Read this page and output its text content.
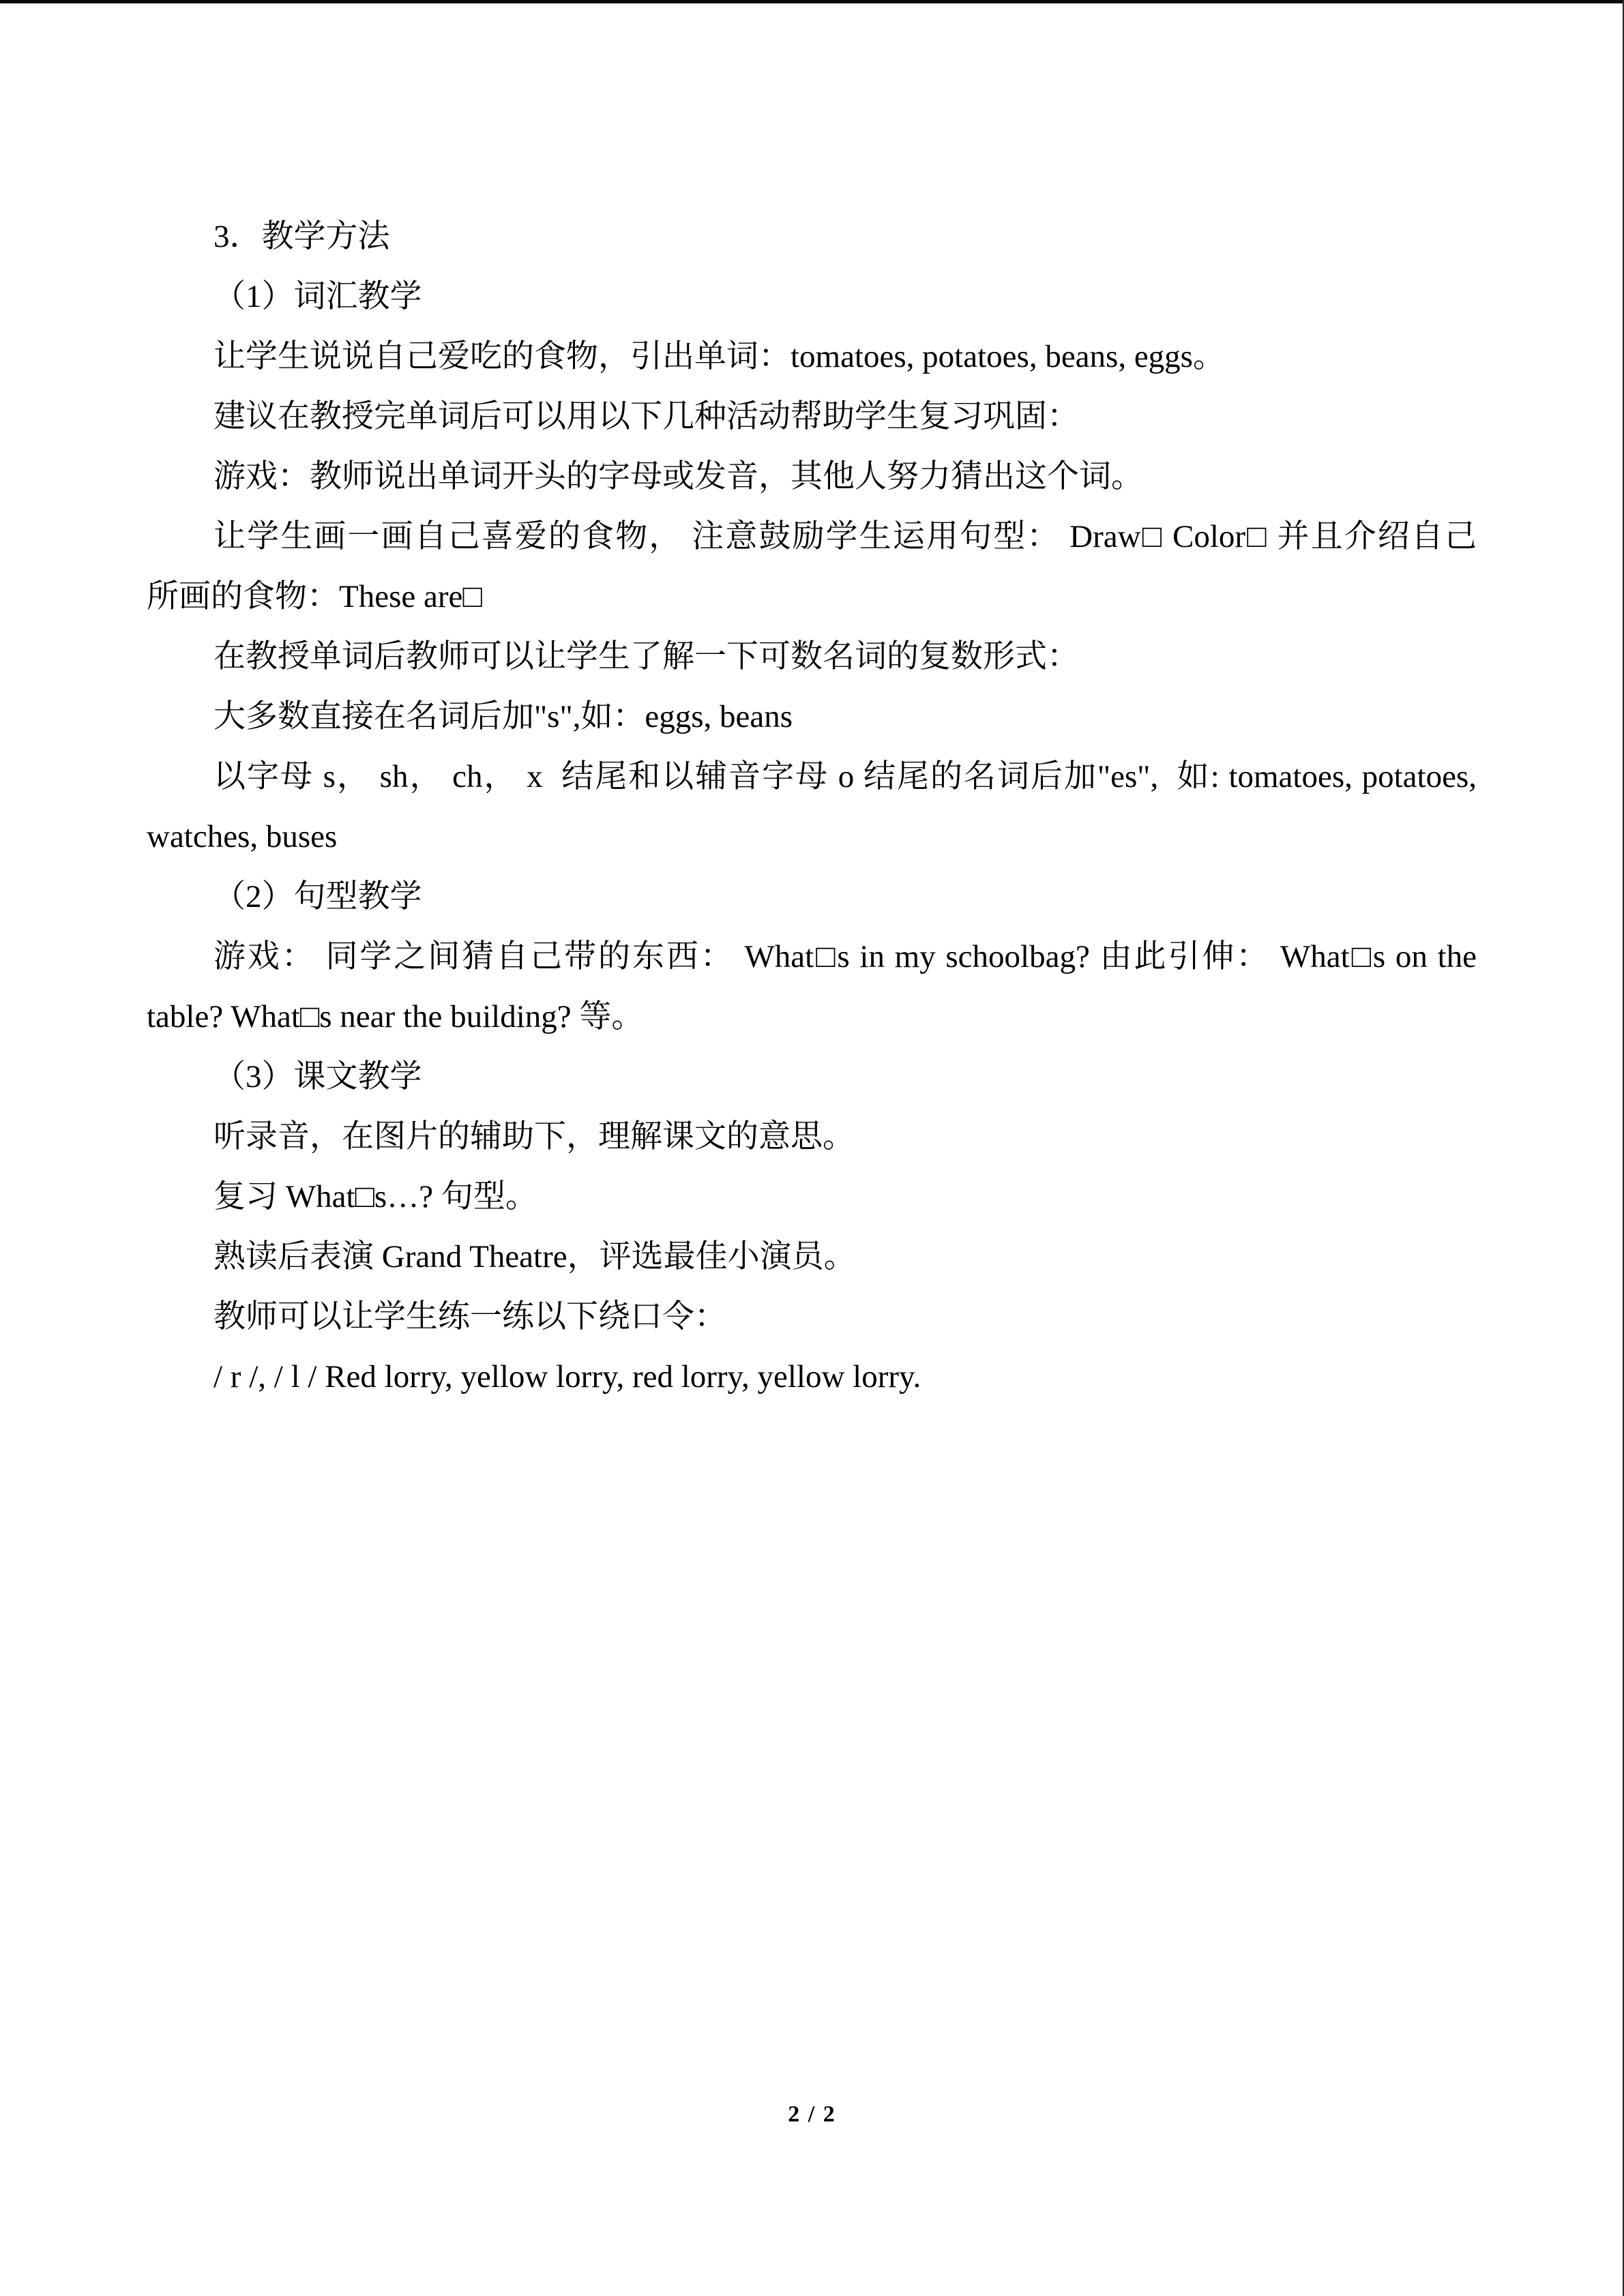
3．教学方法
（1）词汇教学
让学生说说自己爱吃的食物，引出单词：tomatoes, potatoes, beans, eggs。
建议在教授完单词后可以用以下几种活动帮助学生复习巩固：
游戏：教师说出单词开头的字母或发音，其他人努力猜出这个词。
让学生画一画自己喜爱的食物， 注意鼓励学生运用句型： Draw□ Color□ 并且介绍自己
所画的食物：These are□
在教授单词后教师可以让学生了解一下可数名词的复数形式：
大多数直接在名词后加"s",如：eggs, beans
以字母 s， sh， ch， x  结尾和以辅音字母 o 结尾的名词后加"es",  如: tomatoes, potatoes,
watches, buses
（2）句型教学
游戏： 同学之间猜自己带的东西： What□s in my schoolbag? 由此引伸： What□s on the
table? What□s near the building? 等。
（3）课文教学
听录音，在图片的辅助下，理解课文的意思。
复习 What□s…? 句型。
熟读后表演 Grand Theatre，评选最佳小演员。
教师可以让学生练一练以下绕口令：
/ r /, / l / Red lorry, yellow lorry, red lorry, yellow lorry.
2 / 2
